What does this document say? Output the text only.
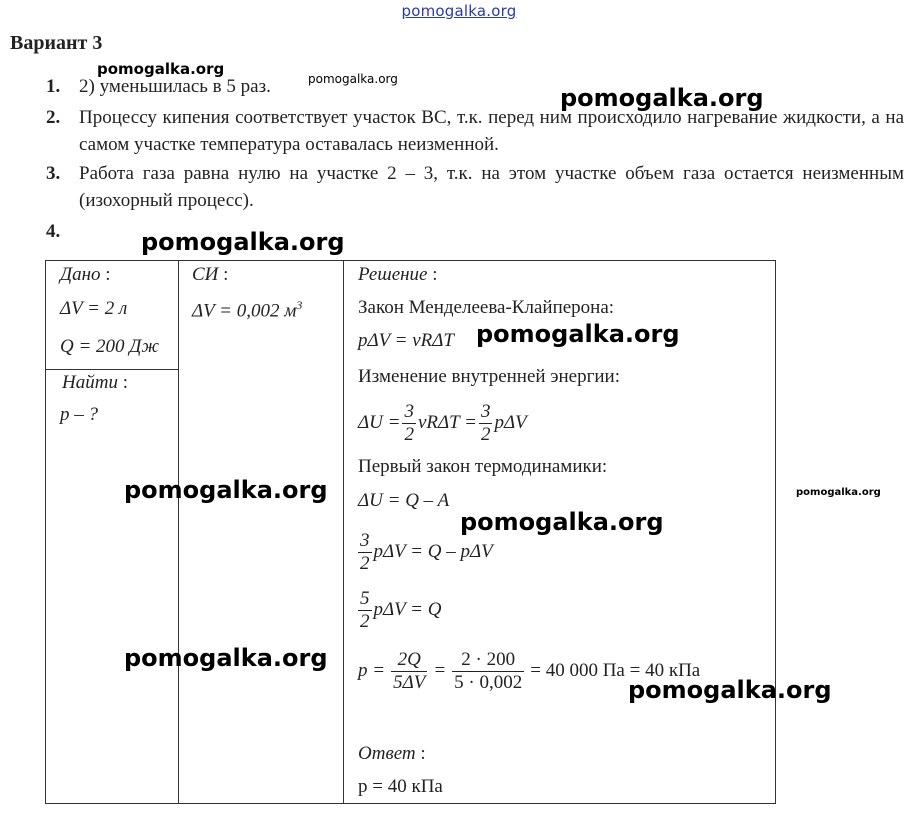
pomogalka.org
Вариант 3
1. 2) уменьшилась в 5 раз.
2. Процессу кипения соответствует участок ВС, т.к. перед ним происходило нагревание жидкости, а на самом участке температура оставалась неизменной.
3. Работа газа равна нулю на участке 2 – 3, т.к. на этом участке объем газа остается неизменным (изохорный процесс).
4.
Дано :
ΔV = 2 л
Q = 200 Дж
Найти :
p – ?
СИ :
ΔV = 0,002 $м^3$
Решение :
Закон Менделеева-Клайперона:
pΔV = νRΔT
Изменение внутренней энергии:
$\Delta U = \frac{3}{2}$ $\nu R\Delta T = \frac{3}{2}$ pΔV
Первый закон термодинамики:
ΔU = Q – A
$\frac{3}{2}$ pΔV = Q – pΔV
$\frac{5}{2}$ pΔV = Q
$p = \frac{2Q}{5\Delta V} = \frac{2 \cdot 200}{5 \cdot 0,002} = 40$ 000 Па = 40 кПа
Ответ :
p = 40 кПа
pomogalka.org
pomogalka.org
pomogalka.org
pomogalka.org
pomogalka.org
pomogalka.org	pomogalka.org
pomogalka.org
pomogalka.org
pomogalka.org
